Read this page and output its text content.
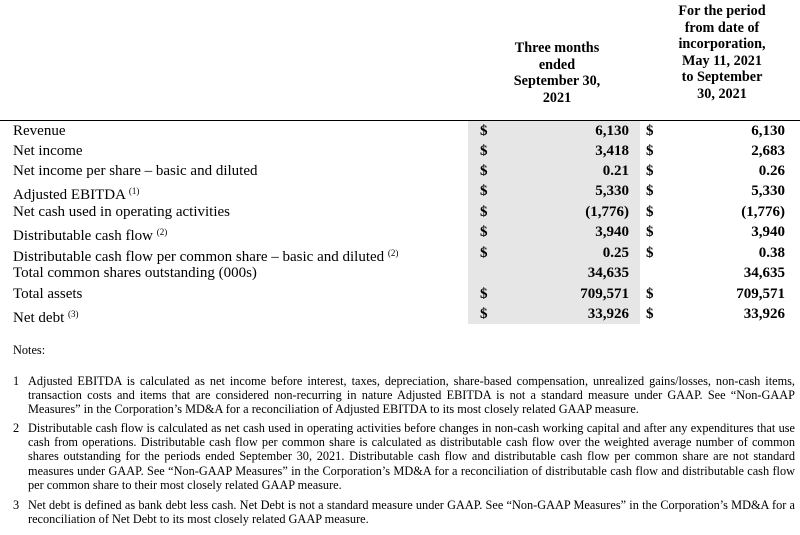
Three months
ended
September 30,
2021
For the period
from date of
incorporation,
May 11, 2021
to September
30, 2021
Revenue	$	6,130 $	6,130
Net income	$	3,418 $	2,683
Net income per share – basic and diluted	$	0.21 $	0.26
Adjusted EBITDA $^{(1)}$	$	5,330 $	5,330
Net cash used in operating activities	$	(1,776) $	(1,776)
Distributable cash flow $^{(2)}$	$	3,940 $	3,940
Distributable cash flow per common share – basic and diluted $^{(2)}$	$	0.25 $	0.38
Total common shares outstanding (000s)	34,635	34,635
Total assets	$	709,571 $	709,571
Net debt $^{(3)}$	$	33,926 $	33,926
Notes:
1 Adjusted EBITDA is calculated as net income before interest, taxes, depreciation, share-based compensation, unrealized gains/losses, non-cash items, transaction costs and items that are considered non-recurring in nature Adjusted EBITDA is not a standard measure under GAAP. See “Non-GAAP Measures” in the Corporation’s MD&A for a reconciliation of Adjusted EBITDA to its most closely related GAAP measure.
2 Distributable cash flow is calculated as net cash used in operating activities before changes in non-cash working capital and after any expenditures that use cash from operations. Distributable cash flow per common share is calculated as distributable cash flow over the weighted average number of common shares outstanding for the periods ended September 30, 2021. Distributable cash flow and distributable cash flow per common share are not standard measures under GAAP. See “Non-GAAP Measures” in the Corporation’s MD&A for a reconciliation of distributable cash flow and distributable cash flow per common share to their most closely related GAAP measure.
3 Net debt is defined as bank debt less cash. Net Debt is not a standard measure under GAAP. See “Non-GAAP Measures” in the Corporation’s MD&A for a reconciliation of Net Debt to its most closely related GAAP measure.
